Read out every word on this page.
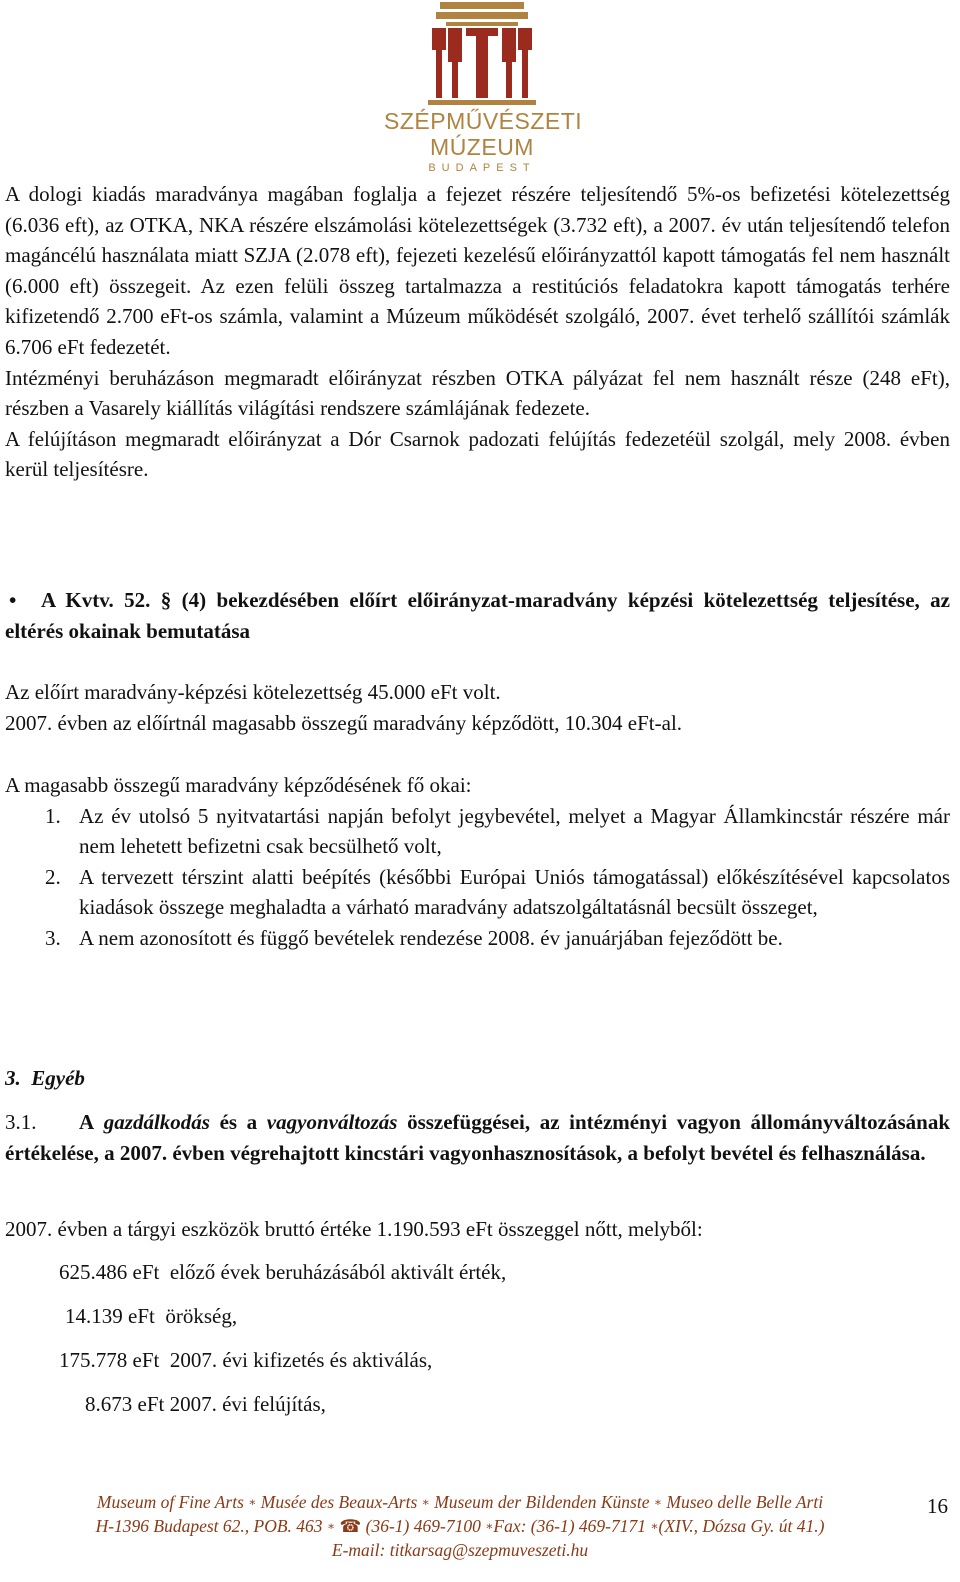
SZÉPMŰVÉSZETI
MÚZEUM
BUDAPEST

A dologi kiadás maradványa magában foglalja a fejezet részére teljesítendő 5%-os befizetési kötelezettség (6.036 eft), az OTKA, NKA részére elszámolási kötelezettségek (3.732 eft), a 2007. év után teljesítendő telefon magáncélú használata miatt SZJA (2.078 eft), fejezeti kezelésű előirányzattól kapott támogatás fel nem használt (6.000 eft) összegeit. Az ezen felüli összeg tartalmazza a restitúciós feladatokra kapott támogatás terhére kifizetendő 2.700 eFt-os számla, valamint a Múzeum működését szolgáló, 2007. évet terhelő szállítói számlák 6.706 eFt fedezetét.

Intézményi beruházáson megmaradt előirányzat részben OTKA pályázat fel nem használt része (248 eFt), részben a Vasarely kiállítás világítási rendszere számlájának fedezete.

A felújításon megmaradt előirányzat a Dór Csarnok padozati felújítás fedezetéül szolgál, mely 2008. évben kerül teljesítésre.

•	A Kvtv. 52. § (4) bekezdésében előírt előirányzat-maradvány képzési kötelezettség teljesítése, az eltérés okainak bemutatása

Az előírt maradvány-képzési kötelezettség 45.000 eFt volt.

2007. évben az előírtnál magasabb összegű maradvány képződött, 10.304 eFt-al.

A magasabb összegű maradvány képződésének fő okai:

1. Az év utolsó 5 nyitvatartási napján befolyt jegybevétel, melyet a Magyar Államkincstár részére már nem lehetett befizetni csak becsülhető volt,
2. A tervezett térszint alatti beépítés (későbbi Európai Uniós támogatással) előkészítésével kapcsolatos kiadások összege meghaladta a várható maradvány adatszolgáltatásnál becsült összeget,
3. A nem azonosított és függő bevételek rendezése 2008. év januárjában fejeződött be.
3. Egyéb
3.1. A gazdálkodás és a vagyonváltozás összefüggései, az intézményi vagyon állományváltozásának értékelése, a 2007. évben végrehajtott kincstári vagyonhasznosítások, a befolyt bevétel és felhasználása.

2007. évben a tárgyi eszközök bruttó értéke 1.190.593 eFt összeggel nőtt, melyből:

625.486 eFt  előző évek beruházásából aktivált érték,

14.139 eFt  örökség,

175.778 eFt  2007. évi kifizetés és aktiválás,

8.673 eFt 2007. évi felújítás,

Museum of Fine Arts ∗ Musée des Beaux-Arts ∗ Museum der Bildenden Künste ∗ Museo delle Belle Arti
H-1396 Budapest 62., POB. 463 ∗ ☎ (36-1) 469-7100 ∗Fax: (36-1) 469-7171 ∗(XIV., Dózsa Gy. út 41.)
E-mail: titkarsag@szepmuveszeti.hu
16
